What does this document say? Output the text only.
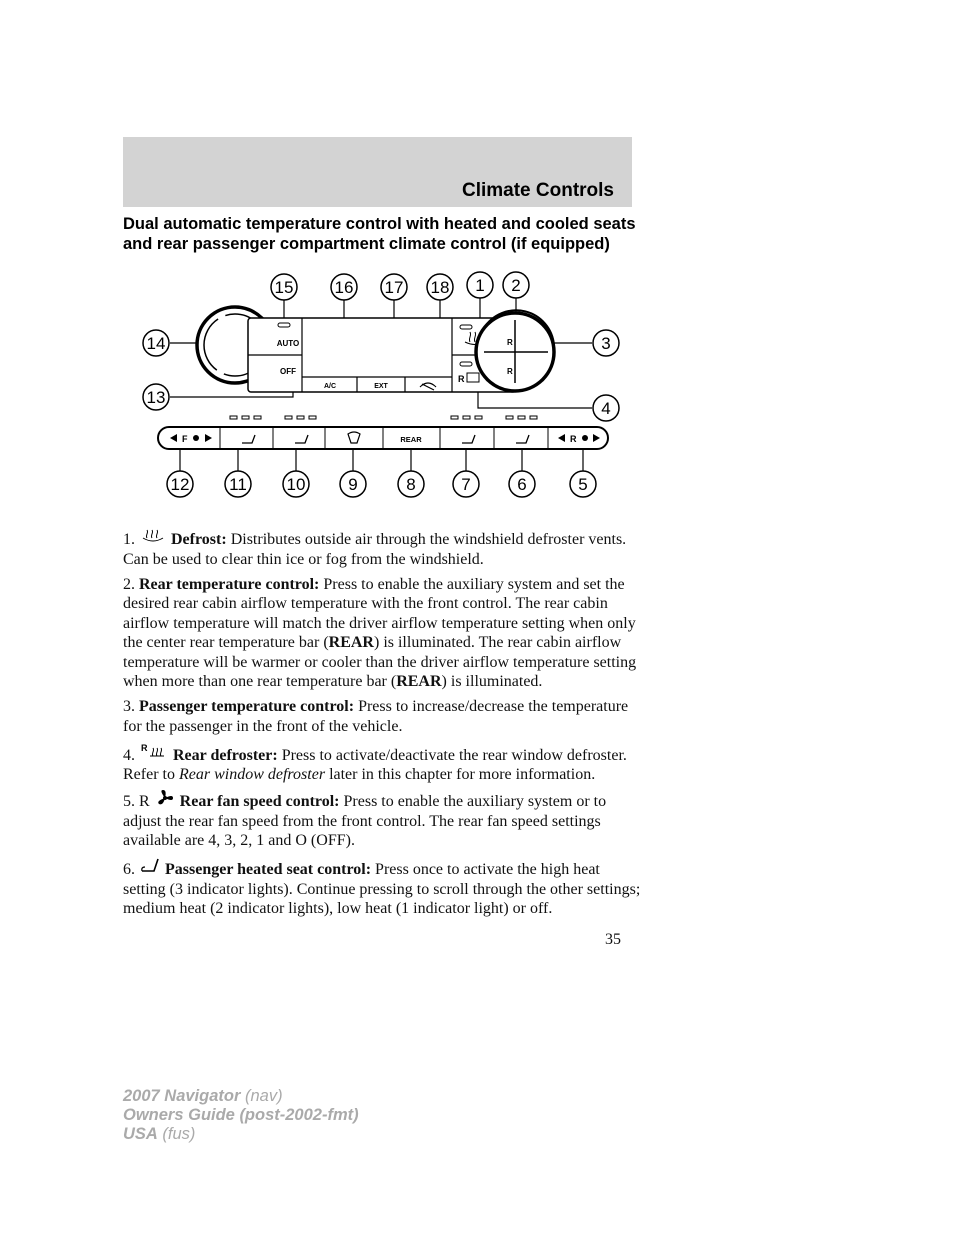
Climate Controls
Dual automatic temperature control with heated and cooled seats
and rear passenger compartment climate control (if equipped)
AUTO
OFF
A/C	EXT
R
R
R
F	REAR	R
15 16 17 18 1 2
14	3
13
4
12 11 10	9	8	7	6	5
1. Defrost: Distributes outside air through the windshield defroster vents. Can be used to clear thin ice or fog from the windshield.
2. Rear temperature control: Press to enable the auxiliary system and set the desired rear cabin airflow temperature with the front control. The rear cabin airflow temperature will match the driver airflow temperature setting when only the center rear temperature bar (REAR) is illuminated. The rear cabin airflow temperature will be warmer or cooler than the driver airflow temperature setting when more than one rear temperature bar (REAR) is illuminated.
3. Passenger temperature control: Press to increase/decrease the temperature for the passenger in the front of the vehicle.
4. R Rear defroster: Press to activate/deactivate the rear window defroster. Refer to Rear window defroster later in this chapter for more information.
5. R Rear fan speed control: Press to enable the auxiliary system or to adjust the rear fan speed from the front control. The rear fan speed settings available are 4, 3, 2, 1 and O (OFF).
6. Passenger heated seat control: Press once to activate the high heat setting (3 indicator lights). Continue pressing to scroll through the other settings; medium heat (2 indicator lights), low heat (1 indicator light) or off.
35
2007 Navigator (nav)
Owners Guide (post-2002-fmt)
USA (fus)
